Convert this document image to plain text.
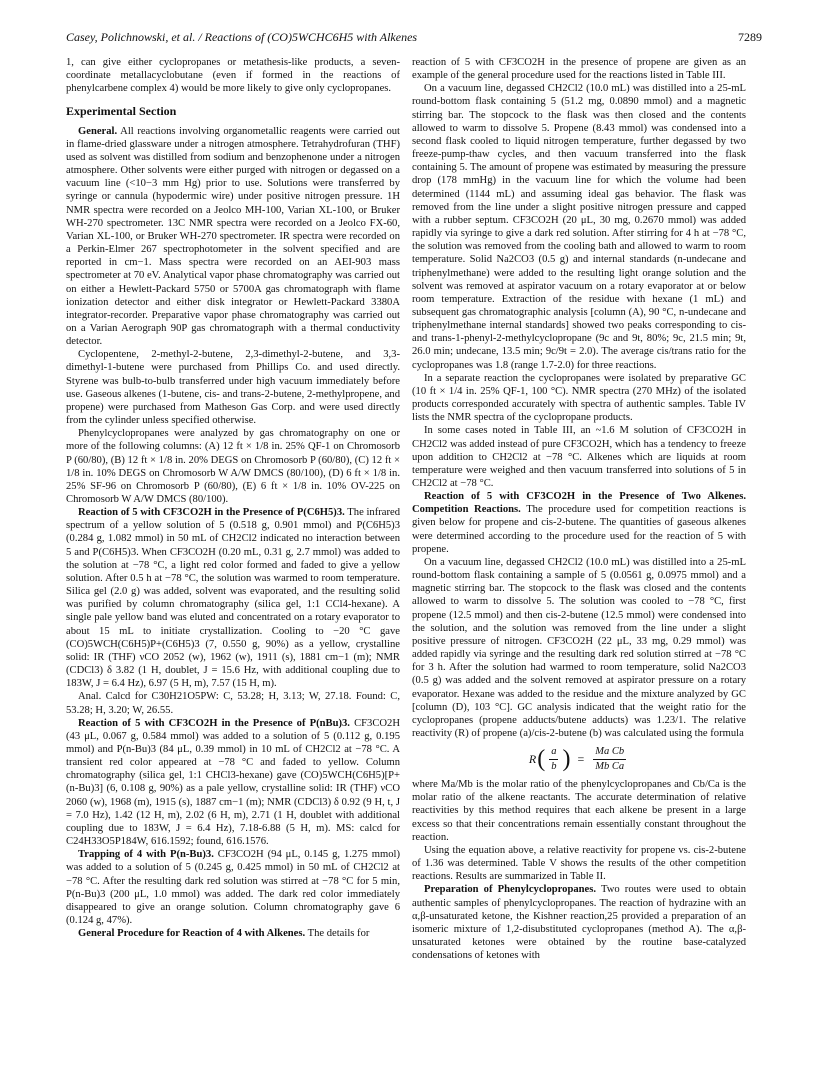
Casey, Polichnowski, et al. / Reactions of (CO)5WCHC6H5 with Alkenes	7289

1, can give either cyclopropanes or metathesis-like products, a seven-coordinate metallacyclobutane (even if formed in the reactions of phenylcarbene complex 4) would be more likely to give only cyclopropanes.

Experimental Section

General. All reactions involving organometallic reagents were carried out in flame-dried glassware under a nitrogen atmosphere. Tetrahydrofuran (THF) used as solvent was distilled from sodium and benzophenone under a nitrogen atmosphere. Other solvents were either purged with nitrogen or degassed on a vacuum line (<10−3 mm Hg) prior to use. Solutions were transferred by syringe or cannula (hypodermic wire) under positive nitrogen pressure. 1H NMR spectra were recorded on a Jeolco MH-100, Varian XL-100, or Bruker WH-270 spectrometer. 13C NMR spectra were recorded on a Jeolco FX-60, Varian XL-100, or Bruker WH-270 spectrometer. IR spectra were recorded on a Perkin-Elmer 267 spectrophotometer in the solvent specified and are reported in cm−1. Mass spectra were recorded on an AEI-903 mass spectrometer at 70 eV. Analytical vapor phase chromatography was carried out on either a Hewlett-Packard 5750 or 5700A gas chromatograph with flame ionization detector and either disk integrator or Hewlett-Packard 3380A integrator-recorder. Preparative vapor phase chromatography was carried out on a Varian Aerograph 90P gas chromatograph with a thermal conductivity detector.

Cyclopentene, 2-methyl-2-butene, 2,3-dimethyl-2-butene, and 3,3-dimethyl-1-butene were purchased from Phillips Co. and used directly. Styrene was bulb-to-bulb transferred under high vacuum immediately before use. Gaseous alkenes (1-butene, cis- and trans-2-butene, 2-methylpropene, and propene) were purchased from Matheson Gas Corp. and were used directly from the cylinder unless specified otherwise.

Phenylcyclopropanes were analyzed by gas chromatography on one or more of the following columns: (A) 12 ft × 1/8 in. 25% QF-1 on Chromosorb P (60/80), (B) 12 ft × 1/8 in. 20% DEGS on Chromosorb P (60/80), (C) 12 ft × 1/8 in. 10% DEGS on Chromosorb W A/W DMCS (80/100), (D) 6 ft × 1/8 in. 25% SF-96 on Chromosorb P (60/80), (E) 6 ft × 1/8 in. 10% OV-225 on Chromosorb W A/W DMCS (80/100).

Reaction of 5 with CF3CO2H in the Presence of P(C6H5)3. The infrared spectrum of a yellow solution of 5 (0.518 g, 0.901 mmol) and P(C6H5)3 (0.284 g, 1.082 mmol) in 50 mL of CH2Cl2 indicated no interaction between 5 and P(C6H5)3. When CF3CO2H (0.20 mL, 0.31 g, 2.7 mmol) was added to the solution at −78 °C, a light red color formed and faded to give a yellow solution. After 0.5 h at −78 °C, the solution was warmed to room temperature. Silica gel (2.0 g) was added, solvent was evaporated, and the resulting solid was purified by column chromatography (silica gel, 1:1 CCl4-hexane). A single pale yellow band was eluted and concentrated on a rotary evaporator to about 15 mL to initiate crystallization. Cooling to −20 °C gave (CO)5WCH(C6H5)P+(C6H5)3 (7, 0.550 g, 90%) as a yellow, crystalline solid: IR (THF) νCO 2052 (w), 1962 (w), 1911 (s), 1881 cm−1 (m); NMR (CDCl3) δ 3.82 (1 H, doublet, J = 15.6 Hz, with additional coupling due to 183W, J = 6.4 Hz), 6.97 (5 H, m), 7.57 (15 H, m).

Anal. Calcd for C30H21O5PW: C, 53.28; H, 3.13; W, 27.18. Found: C, 53.28; H, 3.20; W, 26.55.

Reaction of 5 with CF3CO2H in the Presence of P(nBu)3. CF3CO2H (43 μL, 0.067 g, 0.584 mmol) was added to a solution of 5 (0.112 g, 0.195 mmol) and P(n-Bu)3 (84 μL, 0.39 mmol) in 10 mL of CH2Cl2 at −78 °C. A transient red color appeared at −78 °C and faded to yellow. Column chromatography (silica gel, 1:1 CHCl3-hexane) gave (CO)5WCH(C6H5)[P+(n-Bu)3] (6, 0.108 g, 90%) as a pale yellow, crystalline solid: IR (THF) νCO 2060 (w), 1968 (m), 1915 (s), 1887 cm−1 (m); NMR (CDCl3) δ 0.92 (9 H, t, J = 7.0 Hz), 1.42 (12 H, m), 2.02 (6 H, m), 2.71 (1 H, doublet with additional coupling due to 183W, J = 6.4 Hz), 7.18-6.88 (5 H, m). MS: calcd for C24H33O5P184W, 616.1592; found, 616.1576.

Trapping of 4 with P(n-Bu)3. CF3CO2H (94 μL, 0.145 g, 1.275 mmol) was added to a solution of 5 (0.245 g, 0.425 mmol) in 50 mL of CH2Cl2 at −78 °C. After the resulting dark red solution was stirred at −78 °C for 5 min, P(n-Bu)3 (200 μL, 1.0 mmol) was added. The dark red color immediately disappeared to give an orange solution. Column chromatography gave 6 (0.124 g, 47%).

General Procedure for Reaction of 4 with Alkenes. The details for

reaction of 5 with CF3CO2H in the presence of propene are given as an example of the general procedure used for the reactions listed in Table III.

On a vacuum line, degassed CH2Cl2 (10.0 mL) was distilled into a 25-mL round-bottom flask containing 5 (51.2 mg, 0.0890 mmol) and a magnetic stirring bar. The stopcock to the flask was then closed and the contents allowed to warm to dissolve 5. Propene (8.43 mmol) was condensed into a second flask cooled to liquid nitrogen temperature, further degassed by two freeze-pump-thaw cycles, and then vacuum transferred into the flask containing 5. The amount of propene was estimated by measuring the pressure drop (178 mmHg) in the vacuum line for which the volume had been determined (1144 mL) and assuming ideal gas behavior. The flask was removed from the line under a slight positive nitrogen pressure and capped with a rubber septum. CF3CO2H (20 μL, 30 mg, 0.2670 mmol) was added rapidly via syringe to give a dark red solution. After stirring for 4 h at −78 °C, the solution was removed from the cooling bath and allowed to warm to room temperature. Solid Na2CO3 (0.5 g) and internal standards (n-undecane and triphenylmethane) were added to the resulting light orange solution and the solvent was removed at aspirator vacuum on a rotary evaporator at or below room temperature. Extraction of the residue with hexane (1 mL) and subsequent gas chromatographic analysis [column (A), 90 °C, n-undecane and triphenylmethane internal standards] showed two peaks corresponding to cis- and trans-1-phenyl-2-methylcyclopropane (9c and 9t, 80%; 9c, 21.5 min; 9t, 26.0 min; undecane, 13.5 min; 9c/9t = 2.0). The average cis/trans ratio for the cyclopropanes was 1.8 (range 1.7-2.0) for three reactions.

In a separate reaction the cyclopropanes were isolated by preparative GC (10 ft × 1/4 in. 25% QF-1, 100 °C). NMR spectra (270 MHz) of the isolated products corresponded accurately with spectra of authentic samples. Table IV lists the NMR spectra of the cyclopropane products.

In some cases noted in Table III, an ~1.6 M solution of CF3CO2H in CH2Cl2 was added instead of pure CF3CO2H, which has a tendency to freeze upon addition to CH2Cl2 at −78 °C. Alkenes which are liquids at room temperature were weighed and then vacuum transferred into solutions of 5 in CH2Cl2 at −78 °C.

Reaction of 5 with CF3CO2H in the Presence of Two Alkenes. Competition Reactions. The procedure used for competition reactions is given below for propene and cis-2-butene. The quantities of gaseous alkenes were determined according to the procedure used for the reaction of 5 with propene.

On a vacuum line, degassed CH2Cl2 (10.0 mL) was distilled into a 25-mL round-bottom flask containing a sample of 5 (0.0561 g, 0.0975 mmol) and a magnetic stirring bar. The stopcock to the flask was closed and the contents allowed to warm to dissolve 5. The solution was cooled to −78 °C, first propene (12.5 mmol) and then cis-2-butene (12.5 mmol) were condensed into the solution, and the solution was removed from the line under a slight positive pressure of nitrogen. CF3CO2H (22 μL, 33 mg, 0.29 mmol) was added rapidly via syringe and the resulting dark red solution stirred at −78 °C for 3 h. After the solution had warmed to room temperature, solid Na2CO3 (0.5 g) was added and the solvent removed at aspirator pressure on a rotary evaporator. Hexane was added to the residue and the mixture analyzed by GC [column (D), 103 °C]. GC analysis indicated that the weight ratio for the cyclopropanes (propene adducts/butene adducts) was 1.23/1. The relative reactivity (R) of propene (a)/cis-2-butene (b) was calculated using the formula

R ( $\frac{a}{b}$ ) = $\frac{\text{Ma Cb}}{\text{Mb Ca}}$

where Ma/Mb is the molar ratio of the phenylcyclopropanes and Cb/Ca is the molar ratio of the alkene reactants. The accurate determination of relative reactivities by this method requires that each alkene be present in a large excess so that their concentrations remain essentially constant throughout the reaction.

Using the equation above, a relative reactivity for propene vs. cis-2-butene of 1.36 was determined. Table V shows the results of the other competition reactions. Results are summarized in Table II.

Preparation of Phenylcyclopropanes. Two routes were used to obtain authentic samples of phenylcyclopropanes. The reaction of hydrazine with an α,β-unsaturated ketone, the Kishner reaction,25 provided a preparation of an isomeric mixture of 1,2-disubstituted cyclopropanes (method A). The α,β-unsaturated ketones were obtained by the routine base-catalyzed condensations of ketones with
